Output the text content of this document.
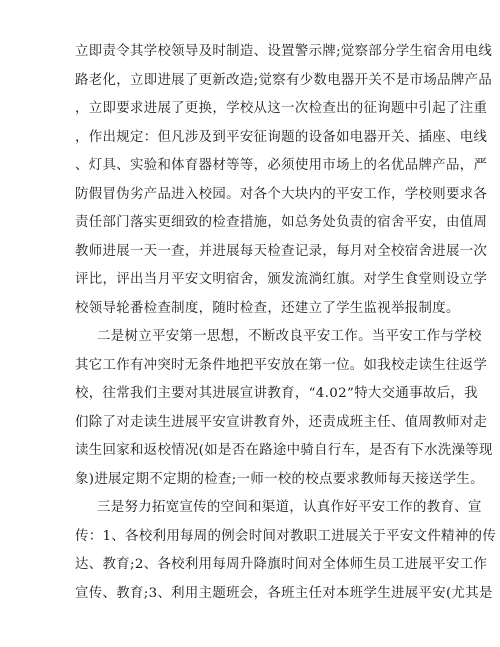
立即责令其学校领导及时制造、设置警示牌;觉察部分学生宿舍用电线
路老化，立即进展了更新改造;觉察有少数电器开关不是市场品牌产品
，立即要求进展了更换，学校从这一次检查出的征询题中引起了注重
，作出规定：但凡涉及到平安征询题的设备如电器开关、插座、电线
、灯具、实验和体育器材等等，必须使用市场上的名优品牌产品，严
防假冒伪劣产品进入校园。对各个大块内的平安工作，学校则要求各
责任部门落实更细致的检查措施，如总务处负责的宿舍平安，由值周
教师进展一天一查，并进展每天检查记录，每月对全校宿舍进展一次
评比，评出当月平安文明宿舍，颁发流淌红旗。对学生食堂则设立学
校领导轮番检查制度，随时检查，还建立了学生监视举报制度。
二是树立平安第一思想，不断改良平安工作。当平安工作与学校
其它工作有冲突时无条件地把平安放在第一位。如我校走读生往返学
校，往常我们主要对其进展宣讲教育，“4.02”特大交通事故后，我
们除了对走读生进展平安宣讲教育外，还责成班主任、值周教师对走
读生回家和返校情况(如是否在路途中骑自行车，是否有下水洗澡等现
象)进展定期不定期的检查;一师一校的校点要求教师每天接送学生。
三是努力拓宽宣传的空间和渠道，认真作好平安工作的教育、宣
传：1、各校利用每周的例会时间对教职工进展关于平安文件精神的传
达、教育;2、各校利用每周升降旗时间对全体师生员工进展平安工作
宣传、教育;3、利用主题班会，各班主任对本班学生进展平安(尤其是
